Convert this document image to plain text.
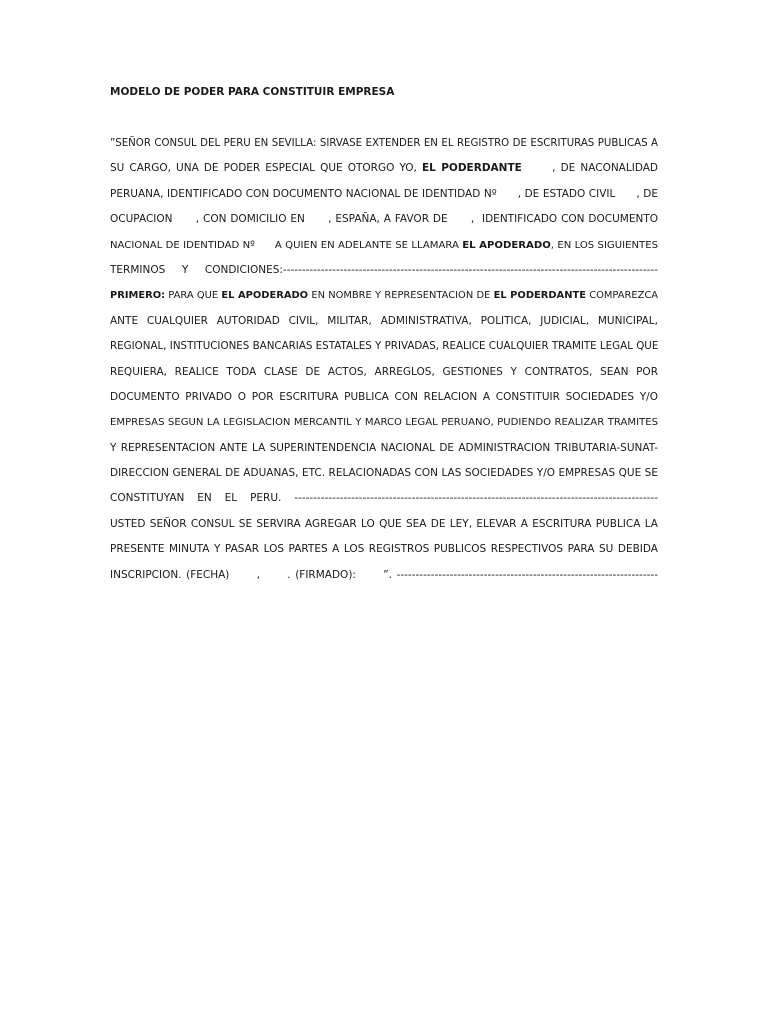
MODELO DE PODER PARA CONSTITUIR EMPRESA
”SEÑOR CONSUL DEL PERU EN SEVILLA: SIRVASE EXTENDER EN EL REGISTRO DE ESCRITURAS PUBLICAS A
SU CARGO, UNA DE PODER ESPECIAL QUE OTORGO YO, EL PODERDANTE      , DE NACONALIDAD
PERUANA, IDENTIFICADO CON DOCUMENTO NACIONAL DE IDENTIDAD Nº      , DE ESTADO CIVIL      , DE
OCUPACION      , CON DOMICILIO EN      , ESPAÑA, A FAVOR DE      ,  IDENTIFICADO CON DOCUMENTO
NACIONAL DE IDENTIDAD Nº      A QUIEN EN ADELANTE SE LLAMARA EL APODERADO, EN LOS SIGUIENTES
TERMINOS Y CONDICIONES:---------------------------------------------------------------------------------------------------
PRIMERO: PARA QUE EL APODERADO EN NOMBRE Y REPRESENTACION DE EL PODERDANTE COMPAREZCA
ANTE CUALQUIER AUTORIDAD CIVIL, MILITAR, ADMINISTRATIVA, POLITICA, JUDICIAL, MUNICIPAL,
REGIONAL, INSTITUCIONES BANCARIAS ESTATALES Y PRIVADAS, REALICE CUALQUIER TRAMITE LEGAL QUE
REQUIERA, REALICE TODA CLASE DE ACTOS, ARREGLOS, GESTIONES Y CONTRATOS, SEAN POR
DOCUMENTO PRIVADO O POR ESCRITURA PUBLICA CON RELACION A CONSTITUIR SOCIEDADES Y/O
EMPRESAS SEGUN LA LEGISLACION MERCANTIL Y MARCO LEGAL PERUANO, PUDIENDO REALIZAR TRAMITES
Y REPRESENTACION ANTE LA SUPERINTENDENCIA NACIONAL DE ADMINISTRACION TRIBUTARIA-SUNAT-
DIRECCION GENERAL DE ADUANAS, ETC. RELACIONADAS CON LAS SOCIEDADES Y/O EMPRESAS QUE SE
CONSTITUYAN EN EL PERU. ------------------------------------------------------------------------------------------------
USTED SEÑOR CONSUL SE SERVIRA AGREGAR LO QUE SEA DE LEY, ELEVAR A ESCRITURA PUBLICA LA
PRESENTE MINUTA Y PASAR LOS PARTES A LOS REGISTROS PUBLICOS RESPECTIVOS PARA SU DEBIDA
INSCRIPCION. (FECHA)      ,      . (FIRMADO):      ”. ---------------------------------------------------------------------
